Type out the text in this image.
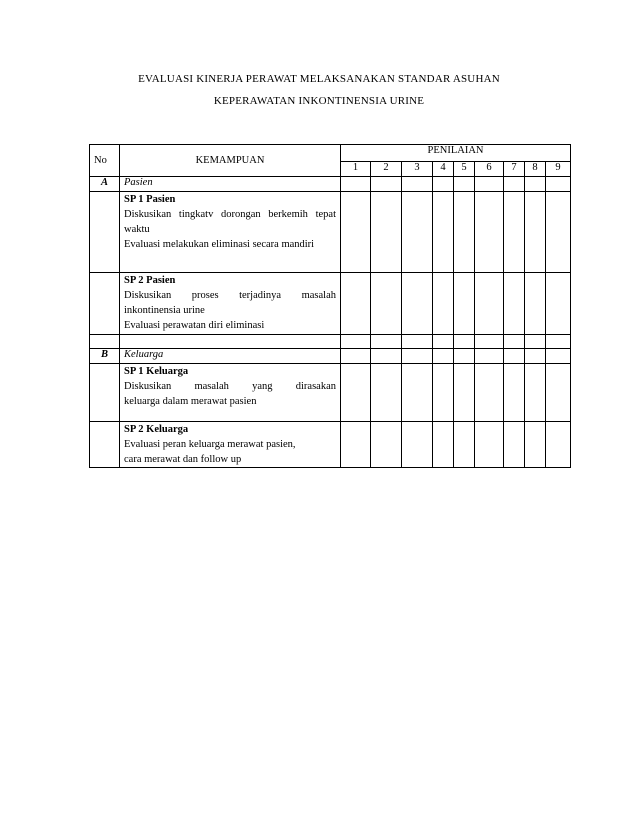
EVALUASI KINERJA PERAWAT MELAKSANAKAN STANDAR ASUHAN
KEPERAWATAN INKONTINENSIA URINE
No	KEMAMPUAN	PENILAIAN								
		1	2	3	4	5	6	7	8	9
A	Pasien									

	SP 1 Pasien
Diskusikan tingkatv dorongan berkemih tepat waktu
Evaluasi melakukan eliminasi secara mandiri									

	SP 2 Pasien
Diskusikan proses terjadinya masalah
inkontinensia urine
Evaluasi perawatan diri eliminasi									

B	Keluarga									

	SP 1 Keluarga
Diskusikan masalah yang dirasakan
keluarga dalam merawat pasien									

	SP 2 Keluarga
Evaluasi peran keluarga merawat pasien,
cara merawat dan follow up									
